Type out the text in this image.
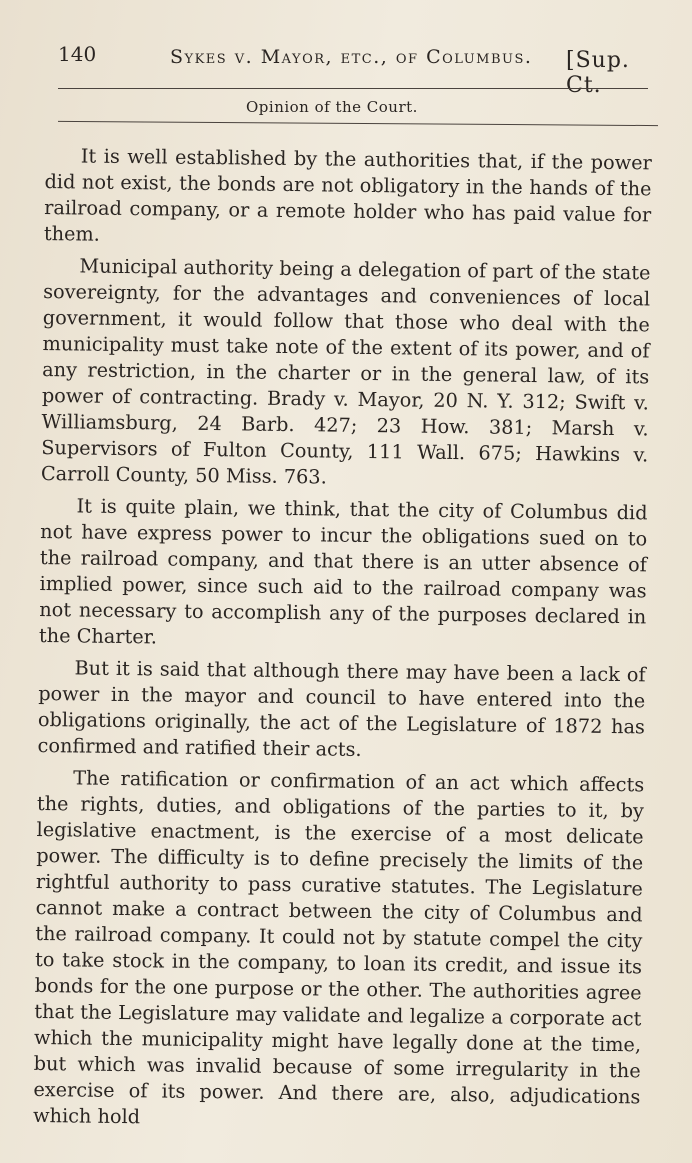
140	Sykes v. Mayor, etc., of Columbus. [Sup. Ct.
Opinion of the Court.

It is well established by the authorities that, if the power did not exist, the bonds are not obligatory in the hands of the railroad company, or a remote holder who has paid value for them.

Municipal authority being a delegation of part of the state sovereignty, for the advantages and conveniences of local government, it would follow that those who deal with the municipality must take note of the extent of its power, and of any restriction, in the charter or in the general law, of its power of contracting. Brady v. Mayor, 20 N. Y. 312; Swift v. Williamsburg, 24 Barb. 427; 23 How. 381; Marsh v. Supervisors of Fulton County, 111 Wall. 675; Hawkins v. Carroll County, 50 Miss. 763.

It is quite plain, we think, that the city of Columbus did not have express power to incur the obligations sued on to the railroad company, and that there is an utter absence of implied power, since such aid to the railroad company was not necessary to accomplish any of the purposes declared in the Charter.

But it is said that although there may have been a lack of power in the mayor and council to have entered into the obligations originally, the act of the Legislature of 1872 has confirmed and ratified their acts.

The ratification or confirmation of an act which affects the rights, duties, and obligations of the parties to it, by legislative enactment, is the exercise of a most delicate power. The difficulty is to define precisely the limits of the rightful authority to pass curative statutes. The Legislature cannot make a contract between the city of Columbus and the railroad company. It could not by statute compel the city to take stock in the company, to loan its credit, and issue its bonds for the one purpose or the other. The authorities agree that the Legislature may validate and legalize a corporate act which the municipality might have legally done at the time, but which was invalid because of some irregularity in the exercise of its power. And there are, also, adjudications which hold
